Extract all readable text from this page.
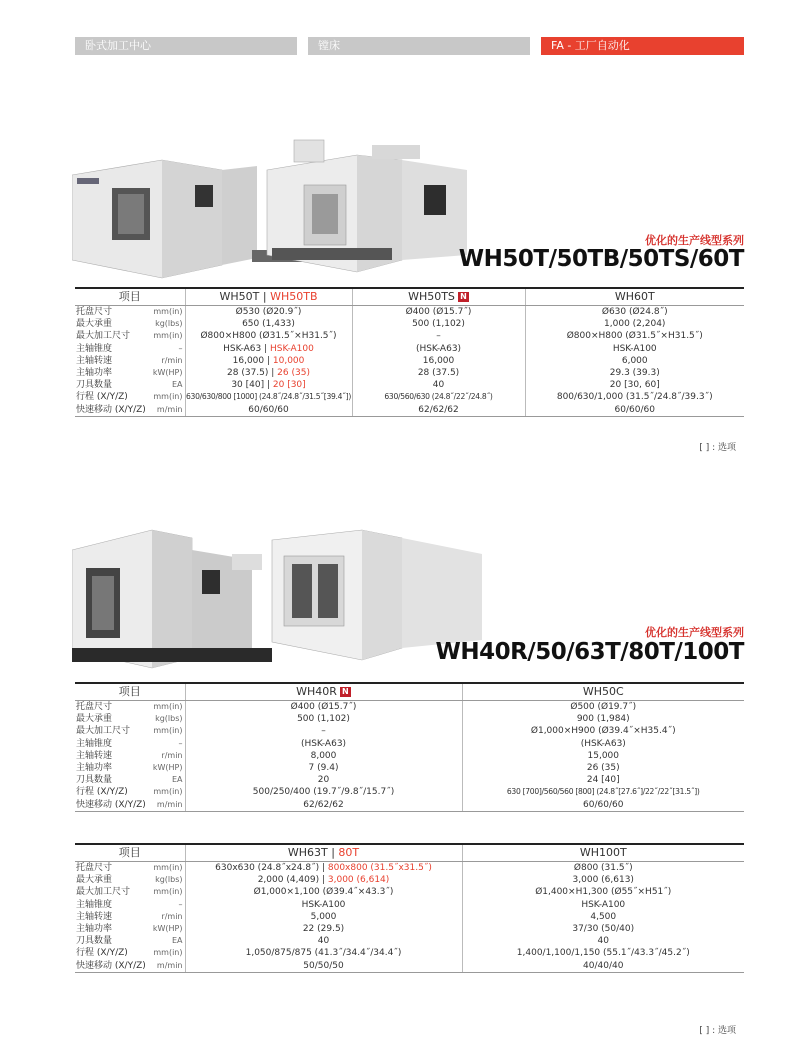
卧式加工中心	镗床	FA - 工厂自动化
优化的生产线型系列
WH50T/50TB/50TS/60T
项目		WH50T | WH50TB	WH50TS N	WH60T
托盘尺寸	mm(in)	Ø530 (Ø20.9˝)	Ø400 (Ø15.7˝)	Ø630 (Ø24.8˝)
最大承重	kg(lbs)	650 (1,433)	500 (1,102)	1,000 (2,204)
最大加工尺寸	mm(in)	Ø800×H800 (Ø31.5˝×H31.5˝)	–	Ø800×H800 (Ø31.5˝×H31.5˝)
主轴锥度	–	HSK-A63 | HSK-A100	(HSK-A63)	HSK-A100
主轴转速	r/min	16,000 | 10,000	16,000	6,000
主轴功率	kW(HP)	28 (37.5) | 26 (35)	28 (37.5)	29.3 (39.3)
刀具数量	EA	30 [40] | 20 [30]	40	20 [30, 60]
行程 (X/Y/Z)	mm(in)	630/630/800 [1000] (24.8˝/24.8˝/31.5˝[39.4˝])	630/560/630 (24.8˝/22˝/24.8˝)	800/630/1,000 (31.5˝/24.8˝/39.3˝)
快速移动 (X/Y/Z)	m/min	60/60/60	62/62/62	60/60/60
[ ] : 选项
优化的生产线型系列
WH40R/50/63T/80T/100T
项目		WH40R N	WH50C
托盘尺寸	mm(in)	Ø400 (Ø15.7˝)	Ø500 (Ø19.7˝)
最大承重	kg(lbs)	500 (1,102)	900 (1,984)
最大加工尺寸	mm(in)	–	Ø1,000×H900 (Ø39.4˝×H35.4˝)
主轴锥度	–	(HSK-A63)	(HSK-A63)
主轴转速	r/min	8,000	15,000
主轴功率	kW(HP)	7 (9.4)	26 (35)
刀具数量	EA	20	24 [40]
行程 (X/Y/Z)	mm(in)	500/250/400 (19.7˝/9.8˝/15.7˝)	630 [700]/560/560 [800] (24.8˝[27.6˝]/22˝/22˝[31.5˝])
快速移动 (X/Y/Z)	m/min	62/62/62	60/60/60
项目		WH63T | 80T	WH100T
托盘尺寸	mm(in)	630x630 (24.8˝x24.8˝) | 800x800 (31.5˝x31.5˝)	Ø800 (31.5˝)
最大承重	kg(lbs)	2,000 (4,409) | 3,000 (6,614)	3,000 (6,613)
最大加工尺寸	mm(in)	Ø1,000×1,100 (Ø39.4˝×43.3˝)	Ø1,400×H1,300 (Ø55˝×H51˝)
主轴锥度	–	HSK-A100	HSK-A100
主轴转速	r/min	5,000	4,500
主轴功率	kW(HP)	22 (29.5)	37/30 (50/40)
刀具数量	EA	40	40
行程 (X/Y/Z)	mm(in)	1,050/875/875 (41.3˝/34.4˝/34.4˝)	1,400/1,100/1,150 (55.1˝/43.3˝/45.2˝)
快速移动 (X/Y/Z)	m/min	50/50/50	40/40/40
[ ] : 选项
